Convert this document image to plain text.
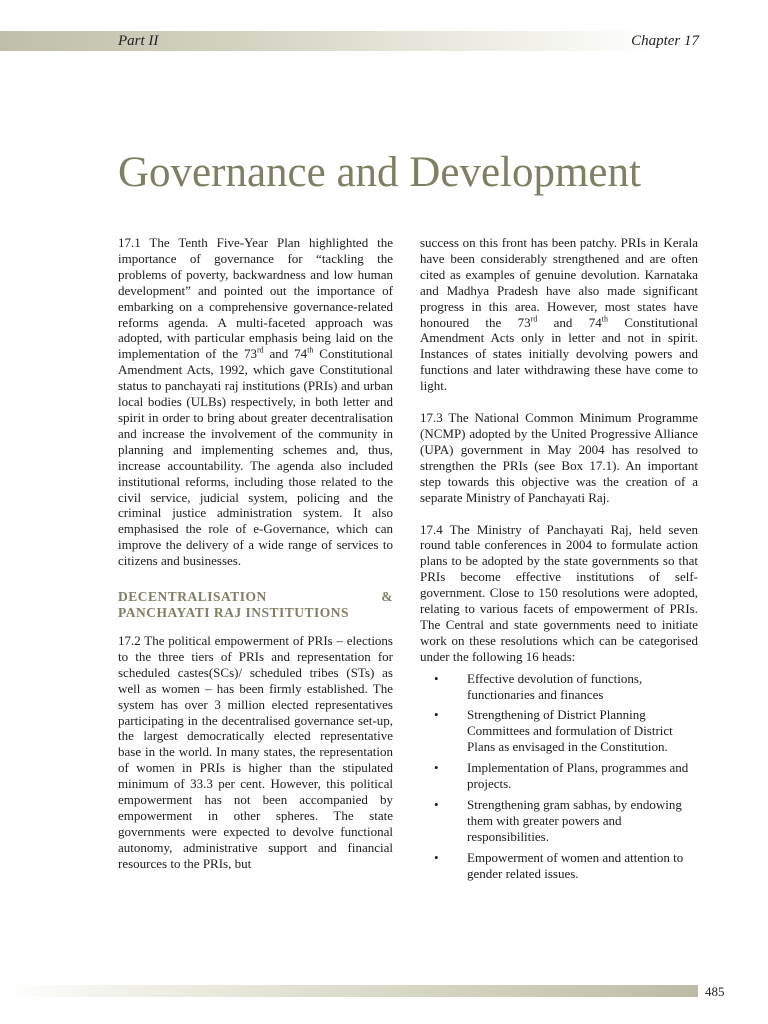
Part II	Chapter 17
Governance and Development

17.1 The Tenth Five-Year Plan highlighted the importance of governance for “tackling the problems of poverty, backwardness and low human development” and pointed out the importance of embarking on a comprehensive governance-related reforms agenda. A multi-faceted approach was adopted, with particular emphasis being laid on the implementation of the 73rd and 74th Constitutional Amendment Acts, 1992, which gave Constitutional status to panchayati raj institutions (PRIs) and urban local bodies (ULBs) respectively, in both letter and spirit in order to bring about greater decentralisation and increase the involvement of the community in planning and implementing schemes and, thus, increase accountability. The agenda also included institutional reforms, including those related to the civil service, judicial system, policing and the criminal justice administration system. It also emphasised the role of e-Governance, which can improve the delivery of a wide range of services to citizens and businesses.

DECENTRALISATION	&
PANCHAYATI RAJ INSTITUTIONS

17.2 The political empowerment of PRIs – elections to the three tiers of PRIs and representation for scheduled castes(SCs)/ scheduled tribes (STs) as well as women – has been firmly established. The system has over 3 million elected representatives participating in the decentralised governance set-up, the largest democratically elected representative base in the world. In many states, the representation of women in PRIs is higher than the stipulated minimum of 33.3 per cent. However, this political empowerment has not been accompanied by empowerment in other spheres. The state governments were expected to devolve functional autonomy, administrative support and financial resources to the PRIs, but

success on this front has been patchy. PRIs in Kerala have been considerably strengthened and are often cited as examples of genuine devolution. Karnataka and Madhya Pradesh have also made significant progress in this area. However, most states have honoured the 73rd and 74th Constitutional Amendment Acts only in letter and not in spirit. Instances of states initially devolving powers and functions and later withdrawing these have come to light.

17.3 The National Common Minimum Programme (NCMP) adopted by the United Progressive Alliance (UPA) government in May 2004 has resolved to strengthen the PRIs (see Box 17.1). An important step towards this objective was the creation of a separate Ministry of Panchayati Raj.

17.4 The Ministry of Panchayati Raj, held seven round table conferences in 2004 to formulate action plans to be adopted by the state governments so that PRIs become effective institutions of self-government. Close to 150 resolutions were adopted, relating to various facets of empowerment of PRIs. The Central and state governments need to initiate work on these resolutions which can be categorised under the following 16 heads:

• Effective devolution of functions, functionaries and finances
• Strengthening of District Planning Committees and formulation of District Plans as envisaged in the Constitution.
• Implementation of Plans, programmes and projects.
• Strengthening gram sabhas, by endowing them with greater powers and responsibilities.
• Empowerment of women and attention to gender related issues.
485
